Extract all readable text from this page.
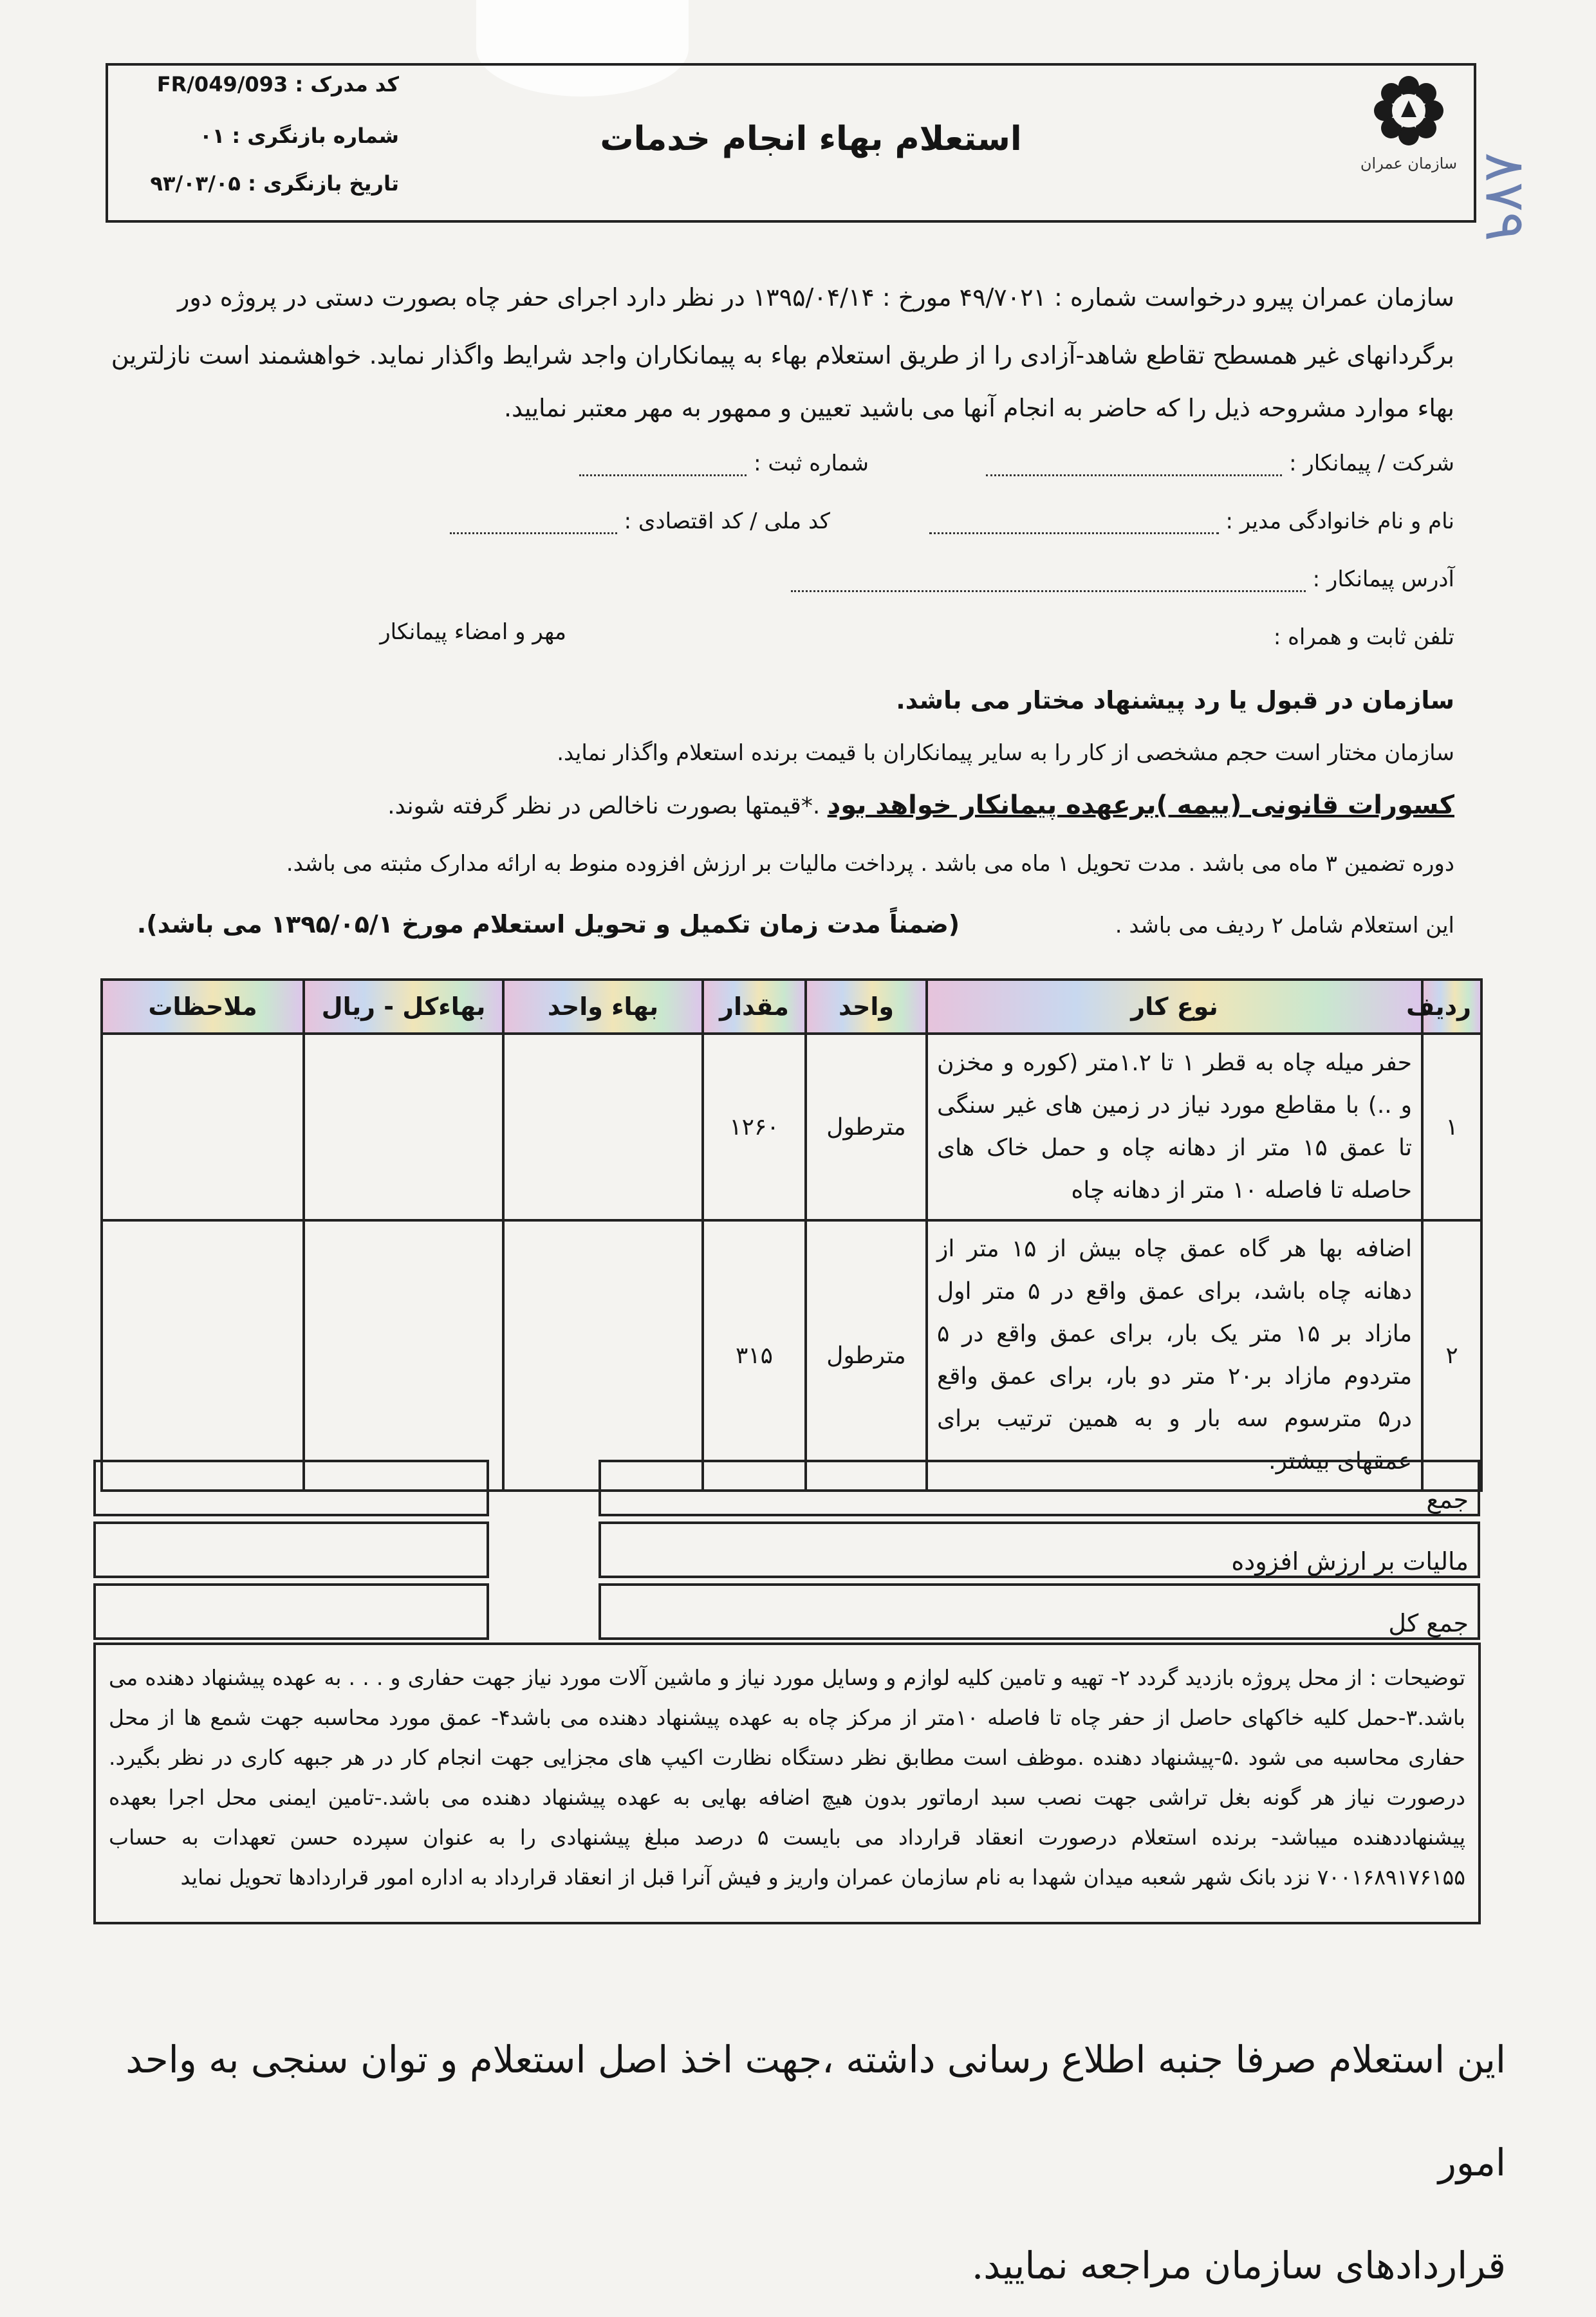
استعلام بهاء انجام خدمات
سازمان عمران
کد مدرک : FR/049/093
شماره بازنگری : ۰۱
تاریخ بازنگری : ۹۳/۰۳/۰۵	۸۷۹
سازمان عمران پیرو درخواست شماره : ۴۹/۷۰۲۱ مورخ : ۱۳۹۵/۰۴/۱۴ در نظر دارد اجرای حفر چاه بصورت دستی در پروژه دور
برگردانهای غیر همسطح تقاطع شاهد-آزادی را از طریق استعلام بهاء به پیمانکاران واجد شرایط واگذار نماید. خواهشمند است نازلترین
بهاء موارد مشروحه ذیل را که حاضر به انجام آنها می باشید تعیین و ممهور به مهر معتبر نمایید.
شرکت / پیمانکار :
شماره ثبت :
نام و نام خانوادگی مدیر :
کد ملی / کد اقتصادی :
آدرس پیمانکار :
تلفن ثابت و همراه :
مهر و امضاء پیمانکار
سازمان در قبول یا رد پیشنهاد مختار می باشد.
سازمان مختار است حجم مشخصی از کار را به سایر پیمانکاران با قیمت برنده استعلام واگذار نماید.
کسورات قانونی (بیمه )برعهده پیمانکار خواهد بود .*قیمتها بصورت ناخالص در نظر گرفته شوند.
دوره تضمین ۳ ماه می باشد . مدت تحویل ۱ ماه می باشد . پرداخت مالیات بر ارزش افزوده منوط به ارائه مدارک مثبته می باشد.
این استعلام شامل ۲ ردیف می باشد .  (ضمناً مدت زمان تکمیل و تحویل استعلام مورخ ۱۳۹۵/۰۵/۱ می باشد).
ردیف	نوع کار	واحد	مقدار	بهاء واحد	بهاءکل - ریال	ملاحظات
۱	حفر میله چاه به قطر ۱ تا ۱.۲متر (کوره و مخزن و ..) با مقاطع مورد نیاز در زمین های غیر سنگی تا عمق ۱۵ متر از دهانه چاه و حمل خاک های حاصله تا فاصله ۱۰ متر از دهانه چاه	مترطول	۱۲۶۰			
۲	اضافه بها هر گاه عمق چاه بیش از ۱۵ متر از دهانه چاه باشد، برای عمق واقع در ۵ متر اول مازاد بر ۱۵ متر یک بار، برای عمق واقع در ۵ متردوم مازاد بر۲۰ متر دو بار، برای عمق واقع در۵ مترسوم سه بار و به همین ترتیب برای عمقهای بیشتر.	مترطول	۳۱۵			
جمع
مالیات بر ارزش افزوده
جمع کل
توضیحات : از محل پروژه بازدید گردد ۲- تهیه و تامین کلیه لوازم و وسایل مورد نیاز و ماشین آلات مورد نیاز جهت حفاری و . . . به عهده پیشنهاد دهنده می باشد.۳-حمل کلیه خاکهای حاصل از حفر چاه تا فاصله ۱۰متر از مرکز چاه به عهده پیشنهاد دهنده می باشد۴- عمق مورد محاسبه جهت شمع ها از محل حفاری محاسبه می شود .۵-پیشنهاد دهنده .موظف است مطابق نظر دستگاه نظارت اکیپ های مجزایی جهت انجام کار در هر جبهه کاری در نظر بگیرد. درصورت نیاز هر گونه بغل تراشی جهت نصب سبد ارماتور بدون هیچ اضافه بهایی به عهده پیشنهاد دهنده می باشد.-تامین ایمنی محل اجرا بعهده پیشنهاددهنده میباشد- برنده استعلام درصورت انعقاد قرارداد می بایست ۵ درصد مبلغ پیشنهادی را به عنوان سپرده حسن تعهدات به حساب ۷۰۰۱۶۸۹۱۷۶۱۵۵ نزد بانک شهر شعبه میدان شهدا به نام سازمان عمران واریز و فیش آنرا قبل از انعقاد قرارداد به اداره امور قراردادها تحویل نماید
این استعلام صرفا جنبه اطلاع رسانی داشته ،جهت اخذ اصل استعلام و توان سنجی به واحد امور
قراردادهای سازمان مراجعه نمایید.
